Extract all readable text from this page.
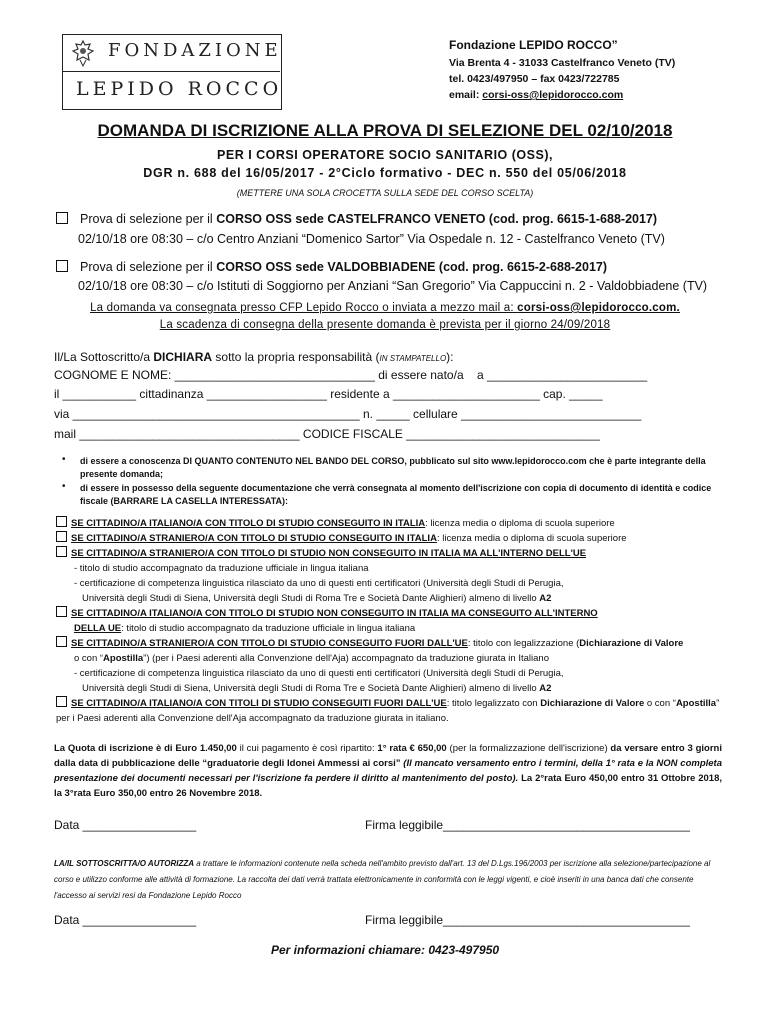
FONDAZIONE
LEPIDO ROCCO
Fondazione LEPIDO ROCCO”
Via Brenta 4 - 31033 Castelfranco Veneto (TV)
tel. 0423/497950 – fax 0423/722785
email: corsi-oss@lepidorocco.com
DOMANDA DI ISCRIZIONE ALLA PROVA DI SELEZIONE DEL 02/10/2018
PER I CORSI OPERATORE SOCIO SANITARIO (OSS),
DGR n. 688 del 16/05/2017 - 2°Ciclo formativo - DEC n. 550 del 05/06/2018
(METTERE UNA SOLA CROCETTA SULLA SEDE DEL CORSO SCELTA)
Prova di selezione per il CORSO OSS sede CASTELFRANCO VENETO (cod. prog. 6615-1-688-2017)
02/10/18 ore 08:30 – c/o Centro Anziani “Domenico Sartor” Via Ospedale n. 12 - Castelfranco Veneto (TV)
Prova di selezione per il CORSO OSS sede VALDOBBIADENE (cod. prog. 6615-2-688-2017)
02/10/18 ore 08:30 – c/o Istituti di Soggiorno per Anziani “San Gregorio” Via Cappuccini n. 2 - Valdobbiadene (TV)
La domanda va consegnata presso CFP Lepido Rocco o inviata a mezzo mail a: corsi-oss@lepidorocco.com.
La scadenza di consegna della presente domanda è prevista per il giorno 24/09/2018
Il/La Sottoscritto/a DICHIARA sotto la propria responsabilità (IN STAMPATELLO):
COGNOME E NOME: ______________________________ di essere nato/a    a ________________________
il ___________ cittadinanza __________________ residente a ______________________ cap. _____
via ___________________________________________ n. _____ cellulare ___________________________
mail _________________________________ CODICE FISCALE _____________________________
• di essere a conoscenza DI QUANTO CONTENUTO NEL BANDO DEL CORSO, pubblicato sul sito www.lepidorocco.com che è parte integrante della presente domanda;
• di essere in possesso della seguente documentazione che verrà consegnata al momento dell'iscrizione con copia di documento di identità e codice fiscale (BARRARE LA CASELLA INTERESSATA):
SE CITTADINO/A ITALIANO/A CON TITOLO DI STUDIO CONSEGUITO IN ITALIA: licenza media o diploma di scuola superiore
SE CITTADINO/A STRANIERO/A CON TITOLO DI STUDIO CONSEGUITO IN ITALIA: licenza media o diploma di scuola superiore
SE CITTADINO/A STRANIERO/A CON TITOLO DI STUDIO NON CONSEGUITO IN ITALIA MA ALL'INTERNO DELL'UE
- titolo di studio accompagnato da traduzione ufficiale in lingua italiana
- certificazione di competenza linguistica rilasciato da uno di questi enti certificatori (Università degli Studi di Perugia,
Università degli Studi di Siena, Università degli Studi di Roma Tre e Società Dante Alighieri) almeno di livello A2
SE CITTADINO/A ITALIANO/A CON TITOLO DI STUDIO NON CONSEGUITO IN ITALIA MA CONSEGUITO ALL'INTERNO
DELLA UE: titolo di studio accompagnato da traduzione ufficiale in lingua italiana
SE CITTADINO/A STRANIERO/A CON TITOLO DI STUDIO CONSEGUITO FUORI DALL'UE: titolo con legalizzazione (Dichiarazione di Valore
o con “Apostilla”) (per i Paesi aderenti alla Convenzione dell'Aja) accompagnato da traduzione giurata in Italiano
- certificazione di competenza linguistica rilasciato da uno di questi enti certificatori (Università degli Studi di Perugia,
Università degli Studi di Siena, Università degli Studi di Roma Tre e Società Dante Alighieri) almeno di livello A2
SE CITTADINO/A ITALIANO/A CON TITOLI DI STUDIO CONSEGUITI FUORI DALL'UE: titolo legalizzato con Dichiarazione di Valore o con “Apostilla” per i Paesi aderenti alla Convenzione dell'Aja accompagnato da traduzione giurata in italiano.
La Quota di iscrizione è di Euro 1.450,00 il cui pagamento è così ripartito: 1° rata € 650,00 (per la formalizzazione dell'iscrizione) da versare entro 3 giorni dalla data di pubblicazione delle “graduatorie degli Idonei Ammessi ai corsi” (Il mancato versamento entro i termini, della 1° rata e la NON completa presentazione dei documenti necessari per l'iscrizione fa perdere il diritto al mantenimento del posto). La 2°rata Euro 450,00 entro 31 Ottobre 2018, la 3°rata Euro 350,00 entro 26 Novembre 2018.
Data _________________	Firma leggibile_____________________________________
LA/IL SOTTOSCRITTA/O AUTORIZZA a trattare le informazioni contenute nella scheda nell'ambito previsto dall'art. 13 del D.Lgs.196/2003 per iscrizione alla selezione/partecipazione al corso e utilizzo conforme alle attività di formazione. La raccolta dei dati verrà trattata elettronicamente in conformità con le leggi vigenti, e cioè inseriti in una banca dati che consente l'accesso ai servizi resi da Fondazione Lepido Rocco
Data _________________	Firma leggibile_____________________________________
Per informazioni chiamare: 0423-497950
